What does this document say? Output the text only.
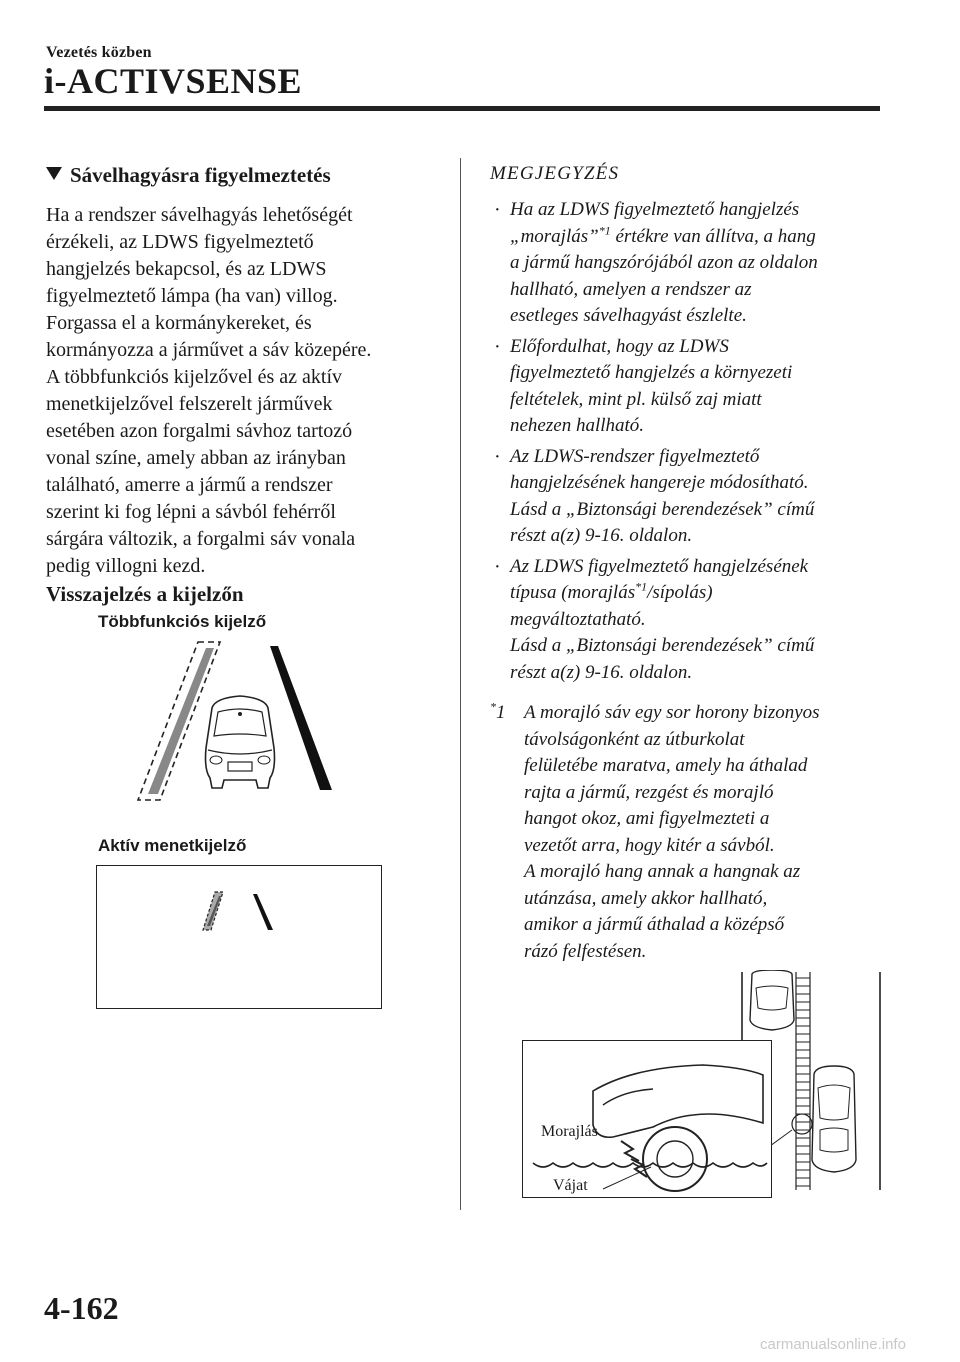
Vezetés közben
i-ACTIVSENSE
Sávelhagyásra figyelmeztetés
Ha a rendszer sávelhagyás lehetőségét
érzékeli, az LDWS figyelmeztető
hangjelzés bekapcsol, és az LDWS
figyelmeztető lámpa (ha van) villog.
Forgassa el a kormánykereket, és
kormányozza a járművet a sáv közepére.
A többfunkciós kijelzővel és az aktív
menetkijelzővel felszerelt járművek
esetében azon forgalmi sávhoz tartozó
vonal színe, amely abban az irányban
található, amerre a jármű a rendszer
szerint ki fog lépni a sávból fehérről
sárgára változik, a forgalmi sáv vonala
pedig villogni kezd.
Visszajelzés a kijelzőn
Többfunkciós kijelző
Aktív menetkijelző
MEGJEGYZÉS
· Ha az LDWS figyelmeztető hangjelzés
„morajlás”$^{*1}$ értékre van állítva, a hang
a jármű hangszórójából azon az oldalon
hallható, amelyen a rendszer az
esetleges sávelhagyást észlelte.
· Előfordulhat, hogy az LDWS
figyelmeztető hangjelzés a környezeti
feltételek, mint pl. külső zaj miatt
nehezen hallható.
· Az LDWS-rendszer figyelmeztető
hangjelzésének hangereje módosítható.
Lásd a „Biztonsági berendezések” című
részt a(z) 9-16. oldalon.
· Az LDWS figyelmeztető hangjelzésének
típusa (morajlás$^{*1}$/sípolás)
megváltoztatható.
Lásd a „Biztonsági berendezések” című
részt a(z) 9-16. oldalon.
*1 A morajló sáv egy sor horony bizonyos
távolságonként az útburkolat
felületébe maratva, amely ha áthalad
rajta a jármű, rezgést és morajló
hangot okoz, ami figyelmezteti a
vezetőt arra, hogy kitér a sávból.
A morajló hang annak a hangnak az
utánzása, amely akkor hallható,
amikor a jármű áthalad a középső
rázó felfestésen.
Morajlás
Vájat
4-162
carmanualsonline.info
